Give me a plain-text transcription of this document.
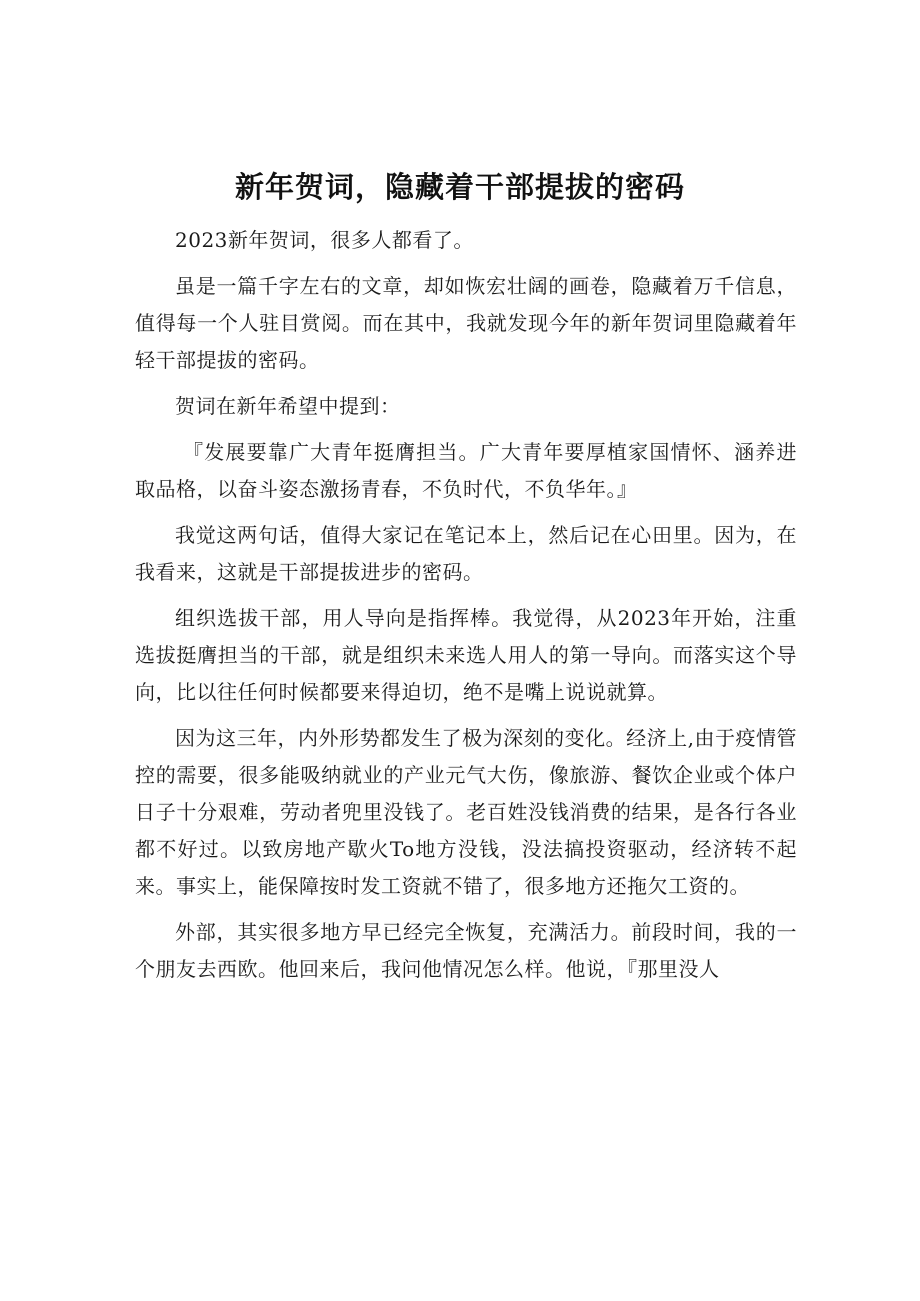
新年贺词，隐藏着干部提拔的密码

2023新年贺词，很多人都看了。

虽是一篇千字左右的文章，却如恢宏壮阔的画卷，隐藏着万千信息，值得每一个人驻目赏阅。而在其中，我就发现今年的新年贺词里隐藏着年轻干部提拔的密码。

贺词在新年希望中提到：

『发展要靠广大青年挺膺担当。广大青年要厚植家国情怀、涵养进取品格，以奋斗姿态激扬青春，不负时代，不负华年。』

我觉这两句话，值得大家记在笔记本上，然后记在心田里。因为，在我看来，这就是干部提拔进步的密码。

组织选拔干部，用人导向是指挥棒。我觉得，从2023年开始，注重选拔挺膺担当的干部，就是组织未来选人用人的第一导向。而落实这个导向，比以往任何时候都要来得迫切，绝不是嘴上说说就算。

因为这三年，内外形势都发生了极为深刻的变化。经济上,由于疫情管控的需要，很多能吸纳就业的产业元气大伤，像旅游、餐饮企业或个体户日子十分艰难，劳动者兜里没钱了。老百姓没钱消费的结果，是各行各业都不好过。以致房地产歇火To地方没钱，没法搞投资驱动，经济转不起来。事实上，能保障按时发工资就不错了，很多地方还拖欠工资的。

外部，其实很多地方早已经完全恢复，充满活力。前段时间，我的一个朋友去西欧。他回来后，我问他情况怎么样。他说，『那里没人
